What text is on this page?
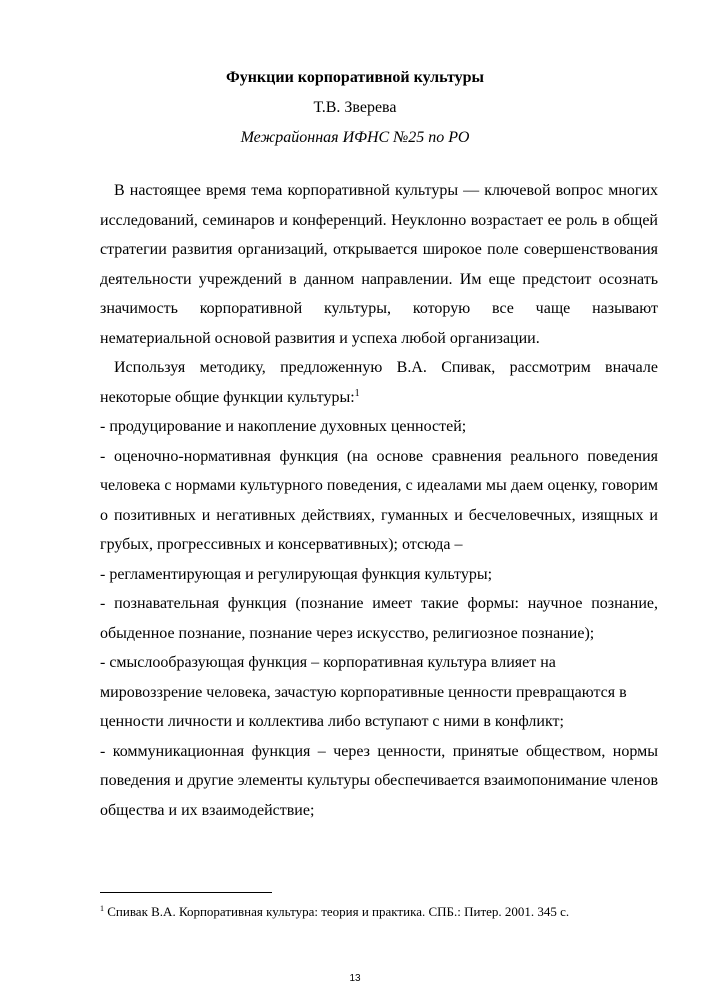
Функции корпоративной культуры
Т.В. Зверева
Межрайонная ИФНС №25 по РО

В настоящее время тема корпоративной культуры — ключевой вопрос многих исследований, семинаров и конференций. Неуклонно возрастает ее роль в общей стратегии развития организаций, открывается широкое поле совершенствования деятельности учреждений в данном направлении. Им еще предстоит осознать значимость корпоративной культуры, которую все чаще называют нематериальной основой развития и успеха любой организации.

Используя методику, предложенную В.А. Спивак, рассмотрим вначале некоторые общие функции культуры:$^1$

- продуцирование и накопление духовных ценностей;

- оценочно-нормативная функция (на основе сравнения реального поведения человека с нормами культурного поведения, с идеалами мы даем оценку, говорим о позитивных и негативных действиях, гуманных и бесчеловечных, изящных и грубых, прогрессивных и консервативных); отсюда –

- регламентирующая и регулирующая функция культуры;

- познавательная функция (познание имеет такие формы: научное познание, обыденное познание, познание через искусство, религиозное познание);

- смыслообразующая функция – корпоративная культура влияет на мировоззрение человека, зачастую корпоративные ценности превращаются в ценности личности и коллектива либо вступают с ними в конфликт;

- коммуникационная функция – через ценности, принятые обществом, нормы поведения и другие элементы культуры обеспечивается взаимопонимание членов общества и их взаимодействие;

$^1$ Спивак В.А. Корпоративная культура: теория и практика. СПБ.: Питер. 2001. 345 с.
13
